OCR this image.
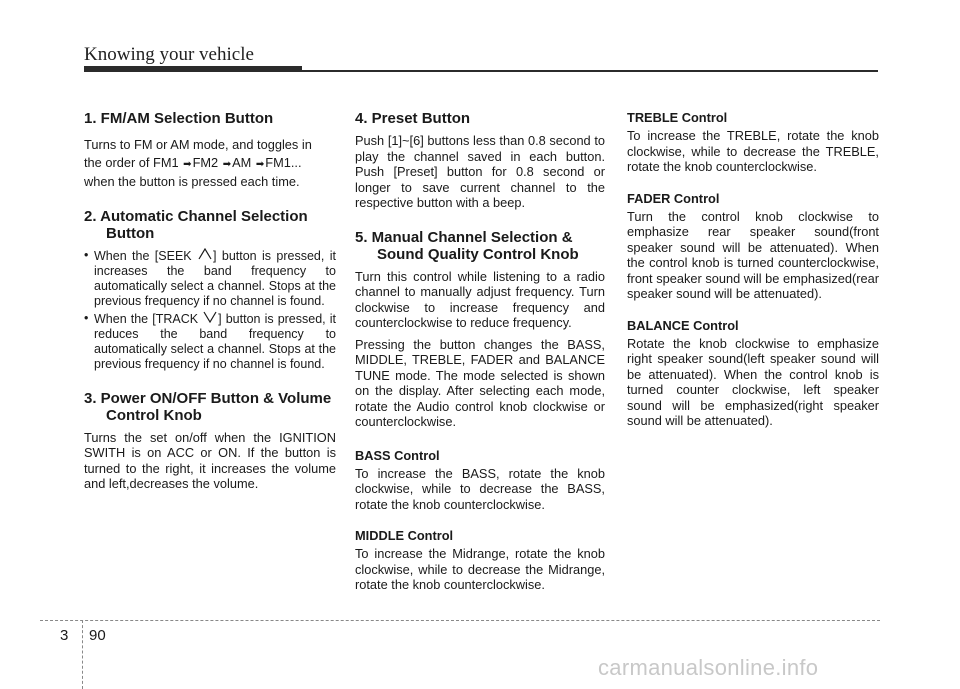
Knowing your vehicle
1. FM/AM Selection Button

Turns to FM or AM mode, and toggles in

the order of FM1 ➡FM2 ➡AM ➡FM1...

when the button is pressed each time.

2. Automatic Channel Selection Button
• When the [SEEK ] button is pressed, it increases the band frequency to automatically select a channel. Stops at the previous frequency if no channel is found.
• When the [TRACK ] button is pressed, it reduces the band frequency to automatically select a channel. Stops at the previous frequency if no channel is found.
3. Power ON/OFF Button & Volume Control Knob

Turns the set on/off when the IGNITION SWITH is on ACC or ON. If the button is turned to the right, it increases the volume and left,decreases the volume.

4. Preset Button

Push [1]~[6] buttons less than 0.8 second to play the channel saved in each button. Push [Preset] button for 0.8 second or longer to save current channel to the respective button with a beep.

5. Manual Channel Selection & Sound Quality Control Knob

Turn this control while listening to a radio channel to manually adjust frequency. Turn clockwise to increase frequency and counterclockwise to reduce frequency.

Pressing the button changes the BASS, MIDDLE, TREBLE, FADER and BALANCE TUNE mode. The mode selected is shown on the display. After selecting each mode, rotate the Audio control knob clockwise or counterclockwise.

BASS Control

To increase the BASS, rotate the knob clockwise, while to decrease the BASS, rotate the knob counterclockwise.

MIDDLE Control

To increase the Midrange, rotate the knob clockwise, while to decrease the Midrange, rotate the knob counterclockwise.

TREBLE Control

To increase the TREBLE, rotate the knob clockwise, while to decrease the TREBLE, rotate the knob counterclockwise.

FADER Control

Turn the control knob clockwise to emphasize rear speaker sound(front speaker sound will be attenuated). When the control knob is turned counterclockwise, front speaker sound will be emphasized(rear speaker sound will be attenuated).

BALANCE Control

Rotate the knob clockwise to emphasize right speaker sound(left speaker sound will be attenuated). When the control knob is turned counter clockwise, left speaker sound will be emphasized(right speaker sound will be attenuated).

3 90
carmanualsonline.info
